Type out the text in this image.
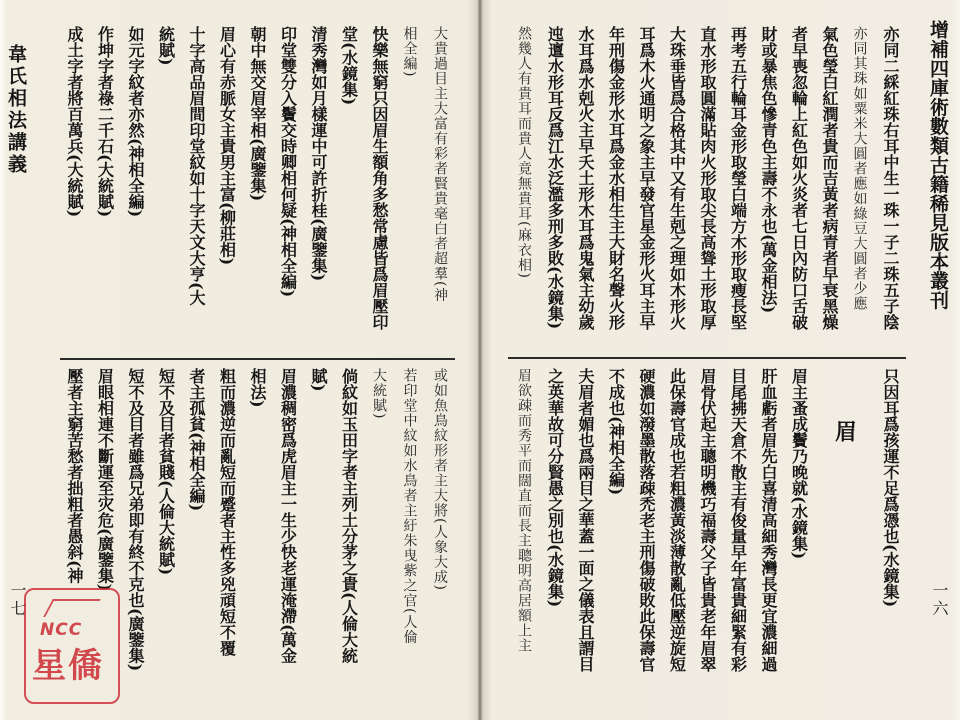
韋氏相法講義
一七
大貴過目主大富有彩者賢貴毫白者超羣(神
相全編)
快樂無窮只因眉生額角多愁常慮皆爲眉壓印
堂(水鏡集)
清秀灣如月樣運中可許折桂(廣鑒集)
印堂雙分入鬢交時卿相何疑(神相全編)
朝中無交眉宰相(廣鑒集)
眉心有赤脈女主貴男主富(柳莊相)
十字高品眉間印堂紋如十字天文大亨(大
統賦)
如元字紋者亦然(神相全編)
作坤字者祿二千石(大統賦)
成土字者將百萬兵(大統賦)
或如魚鳥紋形者主大將(人象大成)
若印堂中紋如水鳥者主紆朱曳紫之官(人倫
大統賦)
倘紋如玉田字者主列土分茅之貴(人倫大統
賦)
眉濃稠密爲虎眉主一生少快老運淹滯(萬金
相法)
粗而濃逆而亂短而蹙者主性多兇頑短不覆
者主孤貧(神相全編)
短不及目者貧賤(人倫大統賦)
短不及目者雖爲兄弟即有終不克也(廣鑒集)
眉眼相連不斷運至灾危(廣鑒集)
壓者主窮苦愁者拙粗者愚斜(神
增補四庫術數類古籍稀見版本叢刊
一六
亦同二綵紅珠右耳中生一珠一子二珠五子陰
亦同其珠如粟米大圓者應如綠豆大圓者少應
氣色瑩白紅潤者貴而吉黃者病青者早衰黑燥
者早喪忽輪上紅色如火炎者七日內防口舌破
財或暴焦色慘青色主壽不永也(萬金相法)
再考五行輪耳金形取瑩白端方木形取瘦長堅
直水形取圓滿貼肉火形取尖長高聳土形取厚
大珠垂皆爲合格其中又有生剋之理如木形火
耳爲木火通明之象主早發官星金形火耳主早
年刑傷金形水耳爲金水相生主大財名聲火形
水耳爲水剋火主早夭土形木耳爲鬼氣主幼歲
迍邅水形耳反爲江水泛濫多刑多敗(水鏡集)
然幾人有貴耳而貴人竟無貴耳(麻衣相)
只因耳爲孩運不足爲憑也(水鏡集)
眉
眉主蚤成鬢乃晚就(水鏡集)
肝血虧者眉先白喜清高細秀灣長更宜濃細過
目尾拂天倉不散主有俊量早年富貴細緊有彩
眉骨伏起主聰明機巧福壽父子皆貴老年眉翠
此保壽官成也若粗濃黃淡薄散亂低壓逆旋短
硬濃如潑墨散落疎禿老主刑傷破敗此保壽官
不成也(神相全編)
夫眉者媚也爲兩目之華蓋一面之儀表且謂目
之英華故可分賢愚之別也(水鏡集)
眉欲疎而秀平而闊直而長主聰明高居額上主
NCC
星僑
